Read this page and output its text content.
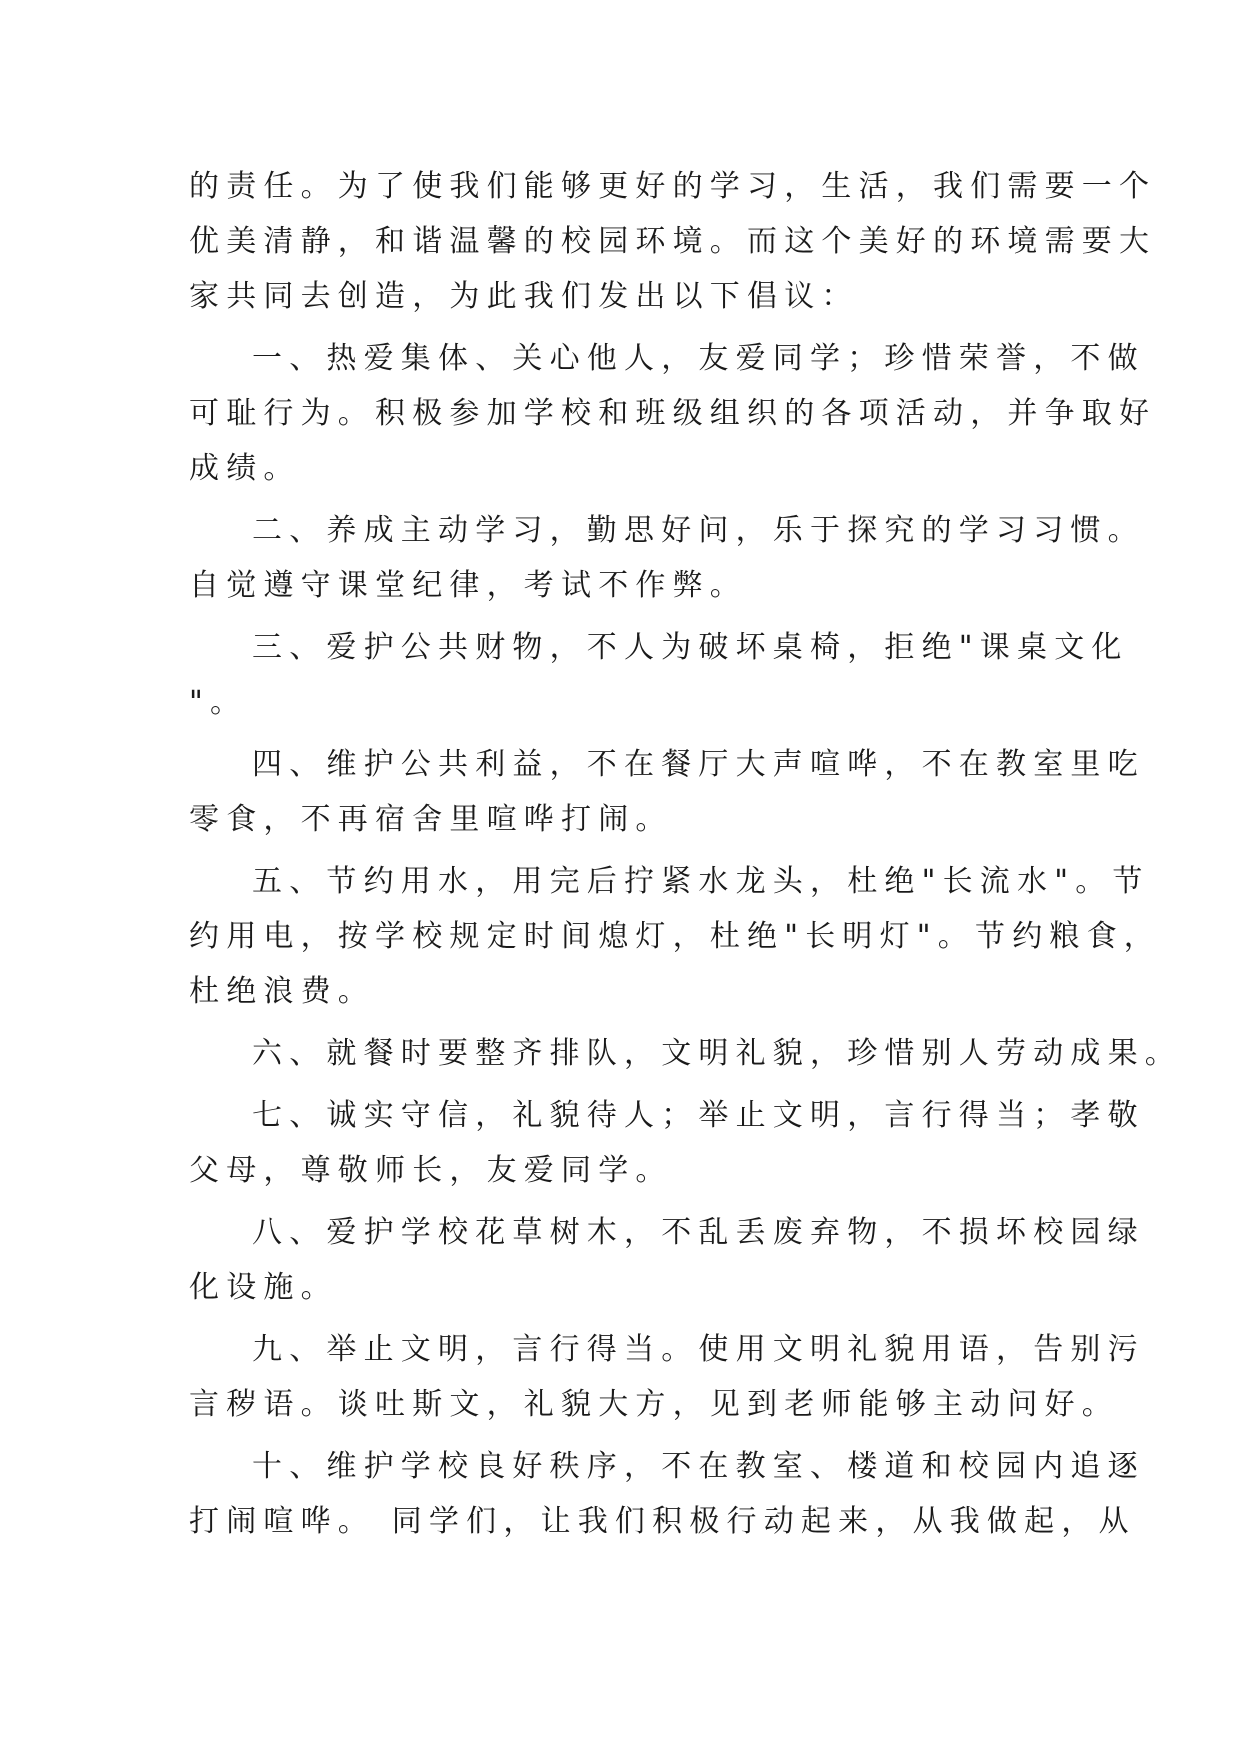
的责任。为了使我们能够更好的学习，生活，我们需要一个
优美清静，和谐温馨的校园环境。而这个美好的环境需要大
家共同去创造，为此我们发出以下倡议：
一、热爱集体、关心他人，友爱同学；珍惜荣誉，不做
可耻行为。积极参加学校和班级组织的各项活动，并争取好
成绩。
二、养成主动学习，勤思好问，乐于探究的学习习惯。
自觉遵守课堂纪律，考试不作弊。
三、爱护公共财物，不人为破坏桌椅，拒绝"课桌文化
"。
四、维护公共利益，不在餐厅大声喧哗，不在教室里吃
零食，不再宿舍里喧哗打闹。
五、节约用水，用完后拧紧水龙头，杜绝"长流水"。节
约用电，按学校规定时间熄灯，杜绝"长明灯"。节约粮食，
杜绝浪费。
六、就餐时要整齐排队，文明礼貌，珍惜别人劳动成果。
七、诚实守信，礼貌待人；举止文明，言行得当；孝敬
父母，尊敬师长，友爱同学。
八、爱护学校花草树木，不乱丢废弃物，不损坏校园绿
化设施。
九、举止文明，言行得当。使用文明礼貌用语，告别污
言秽语。谈吐斯文，礼貌大方，见到老师能够主动问好。
十、维护学校良好秩序，不在教室、楼道和校园内追逐
打闹喧哗。 同学们，让我们积极行动起来，从我做起，从
